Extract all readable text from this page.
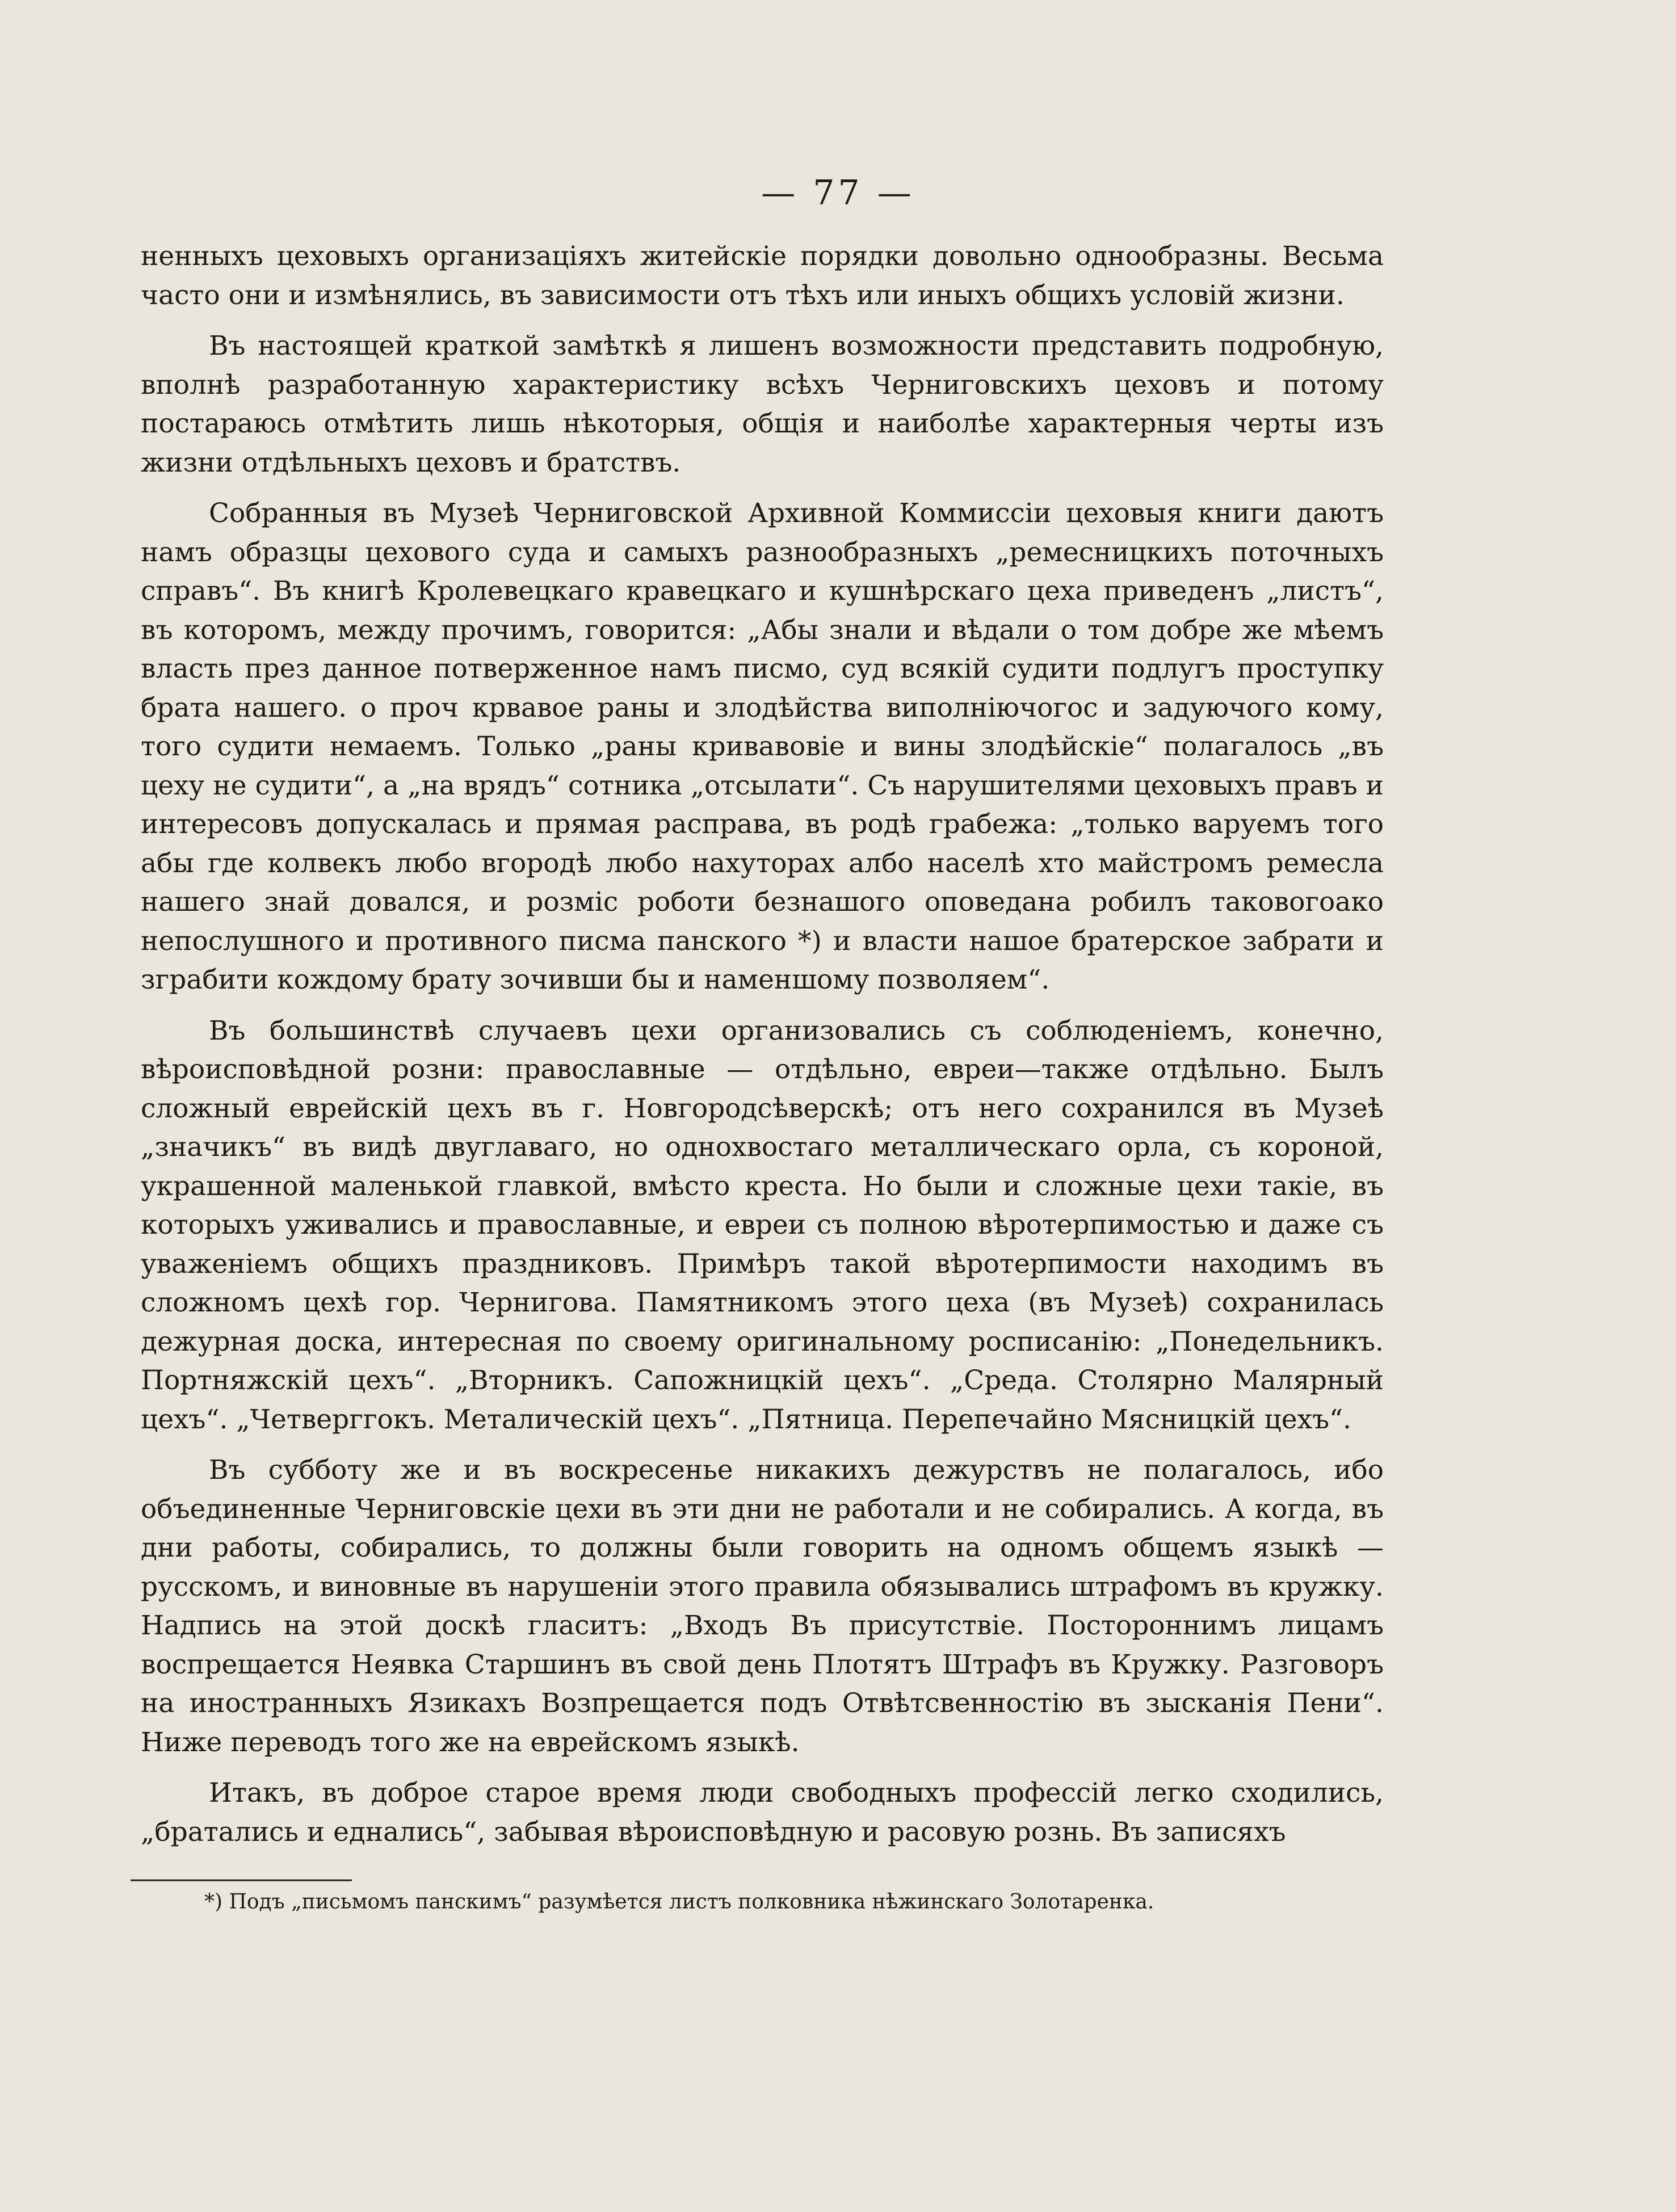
— 77 —

ненныхъ цеховыхъ организацiяхъ житейскiе порядки довольно однообразны. Весьма часто они и измѣнялись, въ зависимости отъ тѣхъ или иныхъ общихъ условiй жизни.

Въ настоящей краткой замѣткѣ я лишенъ возможности представить подробную, вполнѣ разработанную характеристику всѣхъ Черниговскихъ цеховъ и потому постараюсь отмѣтить лишь нѣкоторыя, общiя и наиболѣе характерныя черты изъ жизни отдѣльныхъ цеховъ и братствъ.

Собранныя въ Музеѣ Черниговской Архивной Коммиссiи цеховыя книги даютъ намъ образцы цехового суда и самыхъ разнообразныхъ „ремесницкихъ поточныхъ справъ“. Въ книгѣ Кролевецкаго кравецкаго и кушнѣрскаго цеха приведенъ „листъ“, въ которомъ, между прочимъ, говорится: „Абы знали и вѣдали о том добре же мѣемъ власть през данное потверженное намъ писмо, суд всякiй судити подлугъ проступку брата нашего. о проч крвавое раны и злодѣйства виполнiючогос и задуючого кому, того судити немаемъ. Только „раны кривавовiе и вины злодѣйскiе“ полагалось „въ цеху не судити“, а „на врядъ“ сотника „отсылати“. Съ нарушителями цеховыхъ правъ и интересовъ допускалась и прямая расправа, въ родѣ грабежа: „только варуемъ того абы где колвекъ любо вгородѣ любо нахуторах албо населѣ хто майстромъ ремесла нашего знай довался, и розмiс роботи безнашого оповедана робилъ таковогоако непослушного и противного писма панского *) и власти нашое братерское забрати и зграбити кождому брату зочивши бы и наменшому позволяем“.

Въ большинствѣ случаевъ цехи организовались съ соблюденiемъ, конечно, вѣроисповѣдной розни: православные — отдѣльно, евреи—также отдѣльно. Былъ сложный еврейскiй цехъ въ г. Новгородсѣверскѣ; отъ него сохранился въ Музеѣ „значикъ“ въ видѣ двуглаваго, но однохвостаго металлическаго орла, съ короной, украшенной маленькой главкой, вмѣсто креста. Но были и сложные цехи такiе, въ которыхъ уживались и православные, и евреи съ полною вѣротерпимостью и даже съ уваженiемъ общихъ праздниковъ. Примѣръ такой вѣротерпимости находимъ въ сложномъ цехѣ гор. Чернигова. Памятникомъ этого цеха (въ Музеѣ) сохранилась дежурная доска, интересная по своему оригинальному росписанiю: „Понедельникъ. Портняжскiй цехъ“. „Вторникъ. Сапожницкiй цехъ“. „Среда. Столярно Малярный цехъ“. „Четверггокъ. Металическiй цехъ“. „Пятница. Перепечайно Мясницкiй цехъ“.

Въ субботу же и въ воскресенье никакихъ дежурствъ не полагалось, ибо объединенные Черниговскiе цехи въ эти дни не работали и не собирались. А когда, въ дни работы, собирались, то должны были говорить на одномъ общемъ языкѣ — русскомъ, и виновные въ нарушенiи этого правила обязывались штрафомъ въ кружку. Надпись на этой доскѣ гласитъ: „Входъ Въ присутствiе. Постороннимъ лицамъ воспрещается Неявка Старшинъ въ свой день Плотятъ Штрафъ въ Кружку. Разговоръ на иностранныхъ Язикахъ Возпрещается подъ Отвѣтсвенностiю въ зысканiя Пени“. Ниже переводъ того же на еврейскомъ языкѣ.

Итакъ, въ доброе старое время люди свободныхъ профессiй легко сходились, „братались и еднались“, забывая вѣроисповѣдную и расовую рознь. Въ записяхъ

*) Подъ „письмомъ панскимъ“ разумѣется листъ полковника нѣжинскаго Золотаренка.
